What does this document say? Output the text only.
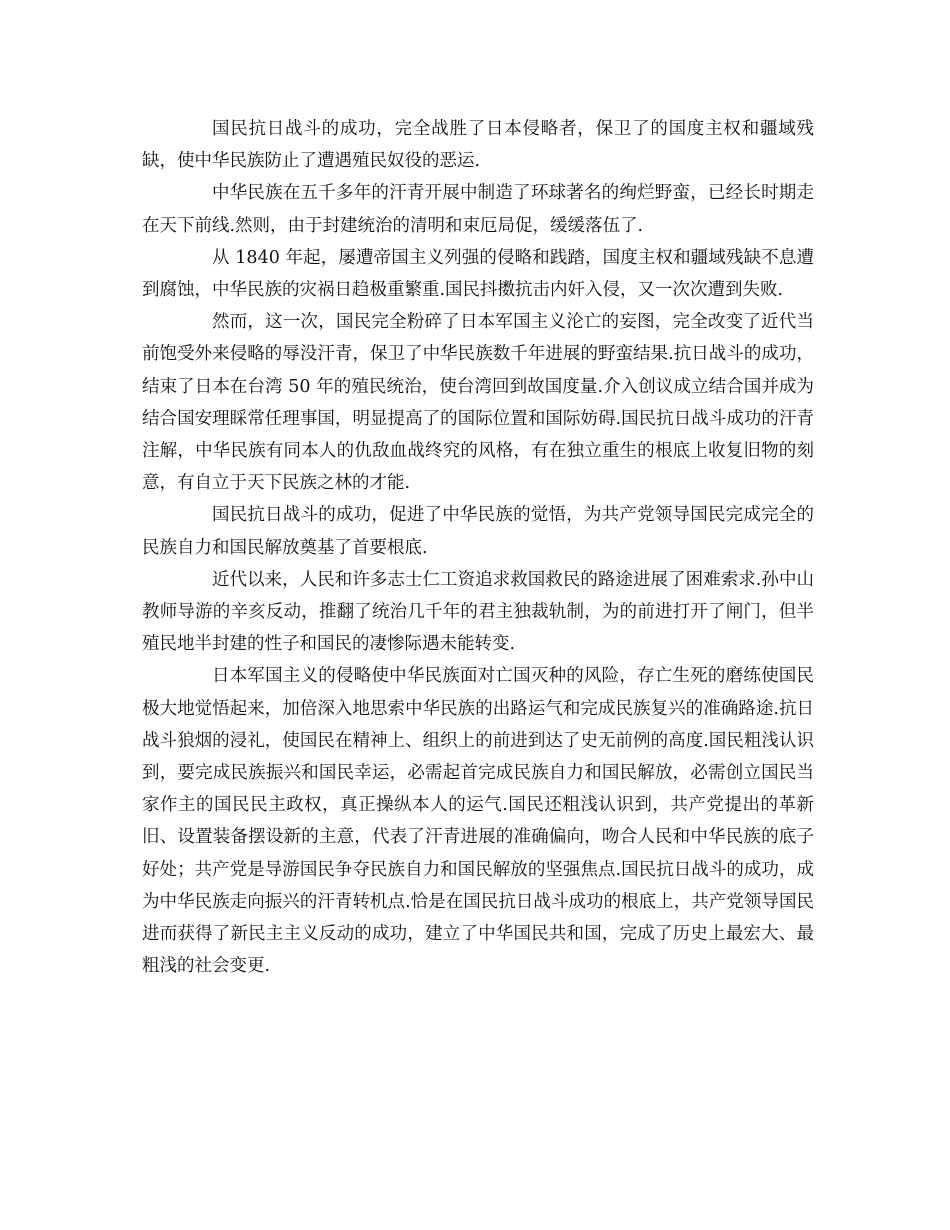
国民抗日战斗的成功，完全战胜了日本侵略者，保卫了的国度主权和疆域残缺，使中华民族防止了遭遇殖民奴役的恶运.

中华民族在五千多年的汗青开展中制造了环球著名的绚烂野蛮，已经长时期走在天下前线.然则，由于封建统治的清明和束厄局促，缓缓落伍了.

从 1840 年起，屡遭帝国主义列强的侵略和践踏，国度主权和疆域残缺不息遭到腐蚀，中华民族的灾祸日趋极重繁重.国民抖擞抗击内奸入侵，又一次次遭到失败.

然而，这一次，国民完全粉碎了日本军国主义沦亡的妄图，完全改变了近代当前饱受外来侵略的辱没汗青，保卫了中华民族数千年进展的野蛮结果.抗日战斗的成功，结束了日本在台湾 50 年的殖民统治，使台湾回到故国度量.介入创议成立结合国并成为结合国安理睬常任理事国，明显提高了的国际位置和国际妨碍.国民抗日战斗成功的汗青注解，中华民族有同本人的仇敌血战终究的风格，有在独立重生的根底上收复旧物的刻意，有自立于天下民族之林的才能.

国民抗日战斗的成功，促进了中华民族的觉悟，为共产党领导国民完成完全的民族自力和国民解放奠基了首要根底.

近代以来，人民和许多志士仁工资追求救国救民的路途进展了困难索求.孙中山教师导游的辛亥反动，推翻了统治几千年的君主独裁轨制，为的前进打开了闸门，但半殖民地半封建的性子和国民的凄惨际遇未能转变.

日本军国主义的侵略使中华民族面对亡国灭种的风险，存亡生死的磨练使国民极大地觉悟起来，加倍深入地思索中华民族的出路运气和完成民族复兴的准确路途.抗日战斗狼烟的浸礼，使国民在精神上、组织上的前进到达了史无前例的高度.国民粗浅认识到，要完成民族振兴和国民幸运，必需起首完成民族自力和国民解放，必需创立国民当家作主的国民民主政权，真正操纵本人的运气.国民还粗浅认识到，共产党提出的革新旧、设置装备摆设新的主意，代表了汗青进展的准确偏向，吻合人民和中华民族的底子好处；共产党是导游国民争夺民族自力和国民解放的坚强焦点.国民抗日战斗的成功，成为中华民族走向振兴的汗青转机点.恰是在国民抗日战斗成功的根底上，共产党领导国民进而获得了新民主主义反动的成功，建立了中华国民共和国，完成了历史上最宏大、最粗浅的社会变更.
